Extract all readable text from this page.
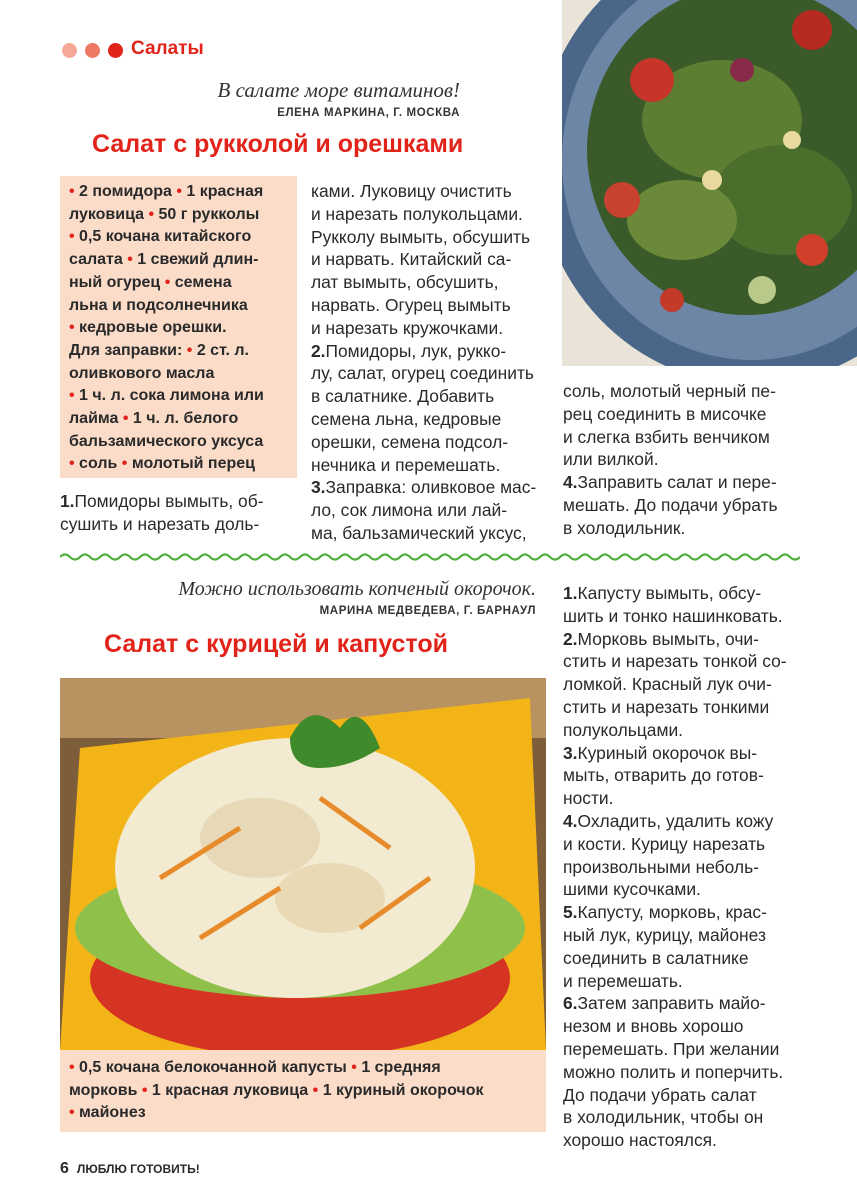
Салаты
В салате море витаминов!
ЕЛЕНА МАРКИНА, Г. МОСКВА
Салат с рукколой и орешками
• 2 помидора • 1 красная
луковица • 50 г рукколы
• 0,5 кочана китайского
салата • 1 свежий длин-
ный огурец • семена
льна и подсолнечника
• кедровые орешки.
Для заправки: • 2 ст. л.
оливкового масла
• 1 ч. л. сока лимона или
лайма • 1 ч. л. белого
бальзамического уксуса
• соль • молотый перец
1.Помидоры вымыть, об-
сушить и нарезать доль-
ками. Луковицу очистить
и нарезать полукольцами.
Рукколу вымыть, обсушить
и нарвать. Китайский са-
лат вымыть, обсушить,
нарвать. Огурец вымыть
и нарезать кружочками.
2.Помидоры, лук, рукко-
лу, салат, огурец соединить
в салатнике. Добавить
семена льна, кедровые
орешки, семена подсол-
нечника и перемешать.
3.Заправка: оливковое мас-
ло, сок лимона или лай-
ма, бальзамический уксус,
соль, молотый черный пе-
рец соединить в мисочке
и слегка взбить венчиком
или вилкой.
4.Заправить салат и пере-
мешать. До подачи убрать
в холодильник.
Можно использовать копченый окорочок.
МАРИНА МЕДВЕДЕВА, Г. БАРНАУЛ
Салат с курицей и капустой
• 0,5 кочана белокочанной капусты • 1 средняя
морковь • 1 красная луковица • 1 куриный окорочок
• майонез
1.Капусту вымыть, обсу-
шить и тонко нашинковать.
2.Морковь вымыть, очи-
стить и нарезать тонкой со-
ломкой. Красный лук очи-
стить и нарезать тонкими
полукольцами.
3.Куриный окорочок вы-
мыть, отварить до готов-
ности.
4.Охладить, удалить кожу
и кости. Курицу нарезать
произвольными неболь-
шими кусочками.
5.Капусту, морковь, крас-
ный лук, курицу, майонез
соединить в салатнике
и перемешать.
6.Затем заправить майо-
незом и вновь хорошо
перемешать. При желании
можно полить и поперчить.
До подачи убрать салат
в холодильник, чтобы он
хорошо настоялся.
6 ЛЮБЛЮ ГОТОВИТЬ!
